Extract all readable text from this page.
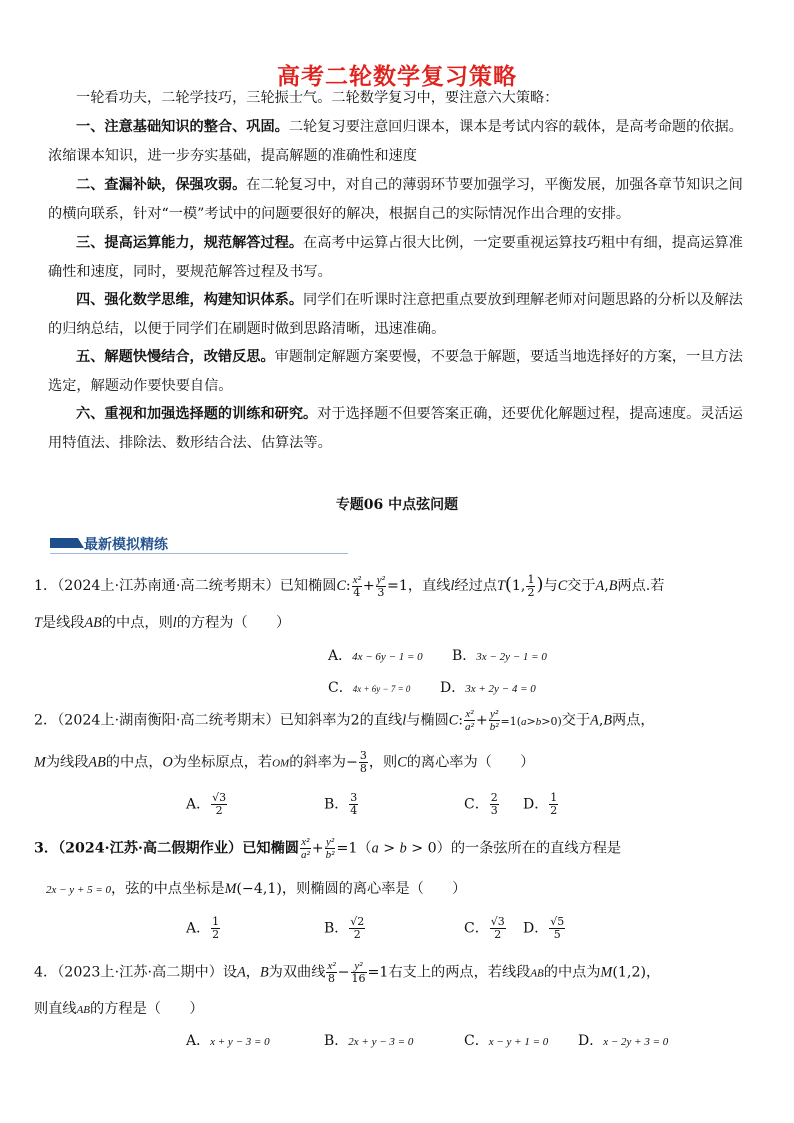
高考二轮数学复习策略
一轮看功夫，二轮学技巧，三轮振士气。二轮数学复习中，要注意六大策略：
一、注意基础知识的整合、巩固。二轮复习要注意回归课本，课本是考试内容的载体，是高考命题的依据。浓缩课本知识，进一步夯实基础，提高解题的准确性和速度
二、查漏补缺，保强攻弱。在二轮复习中，对自己的薄弱环节要加强学习，平衡发展，加强各章节知识之间的横向联系，针对“一模”考试中的问题要很好的解决，根据自己的实际情况作出合理的安排。
三、提高运算能力，规范解答过程。在高考中运算占很大比例，一定要重视运算技巧粗中有细，提高运算准确性和速度，同时，要规范解答过程及书写。
四、强化数学思维，构建知识体系。同学们在听课时注意把重点要放到理解老师对问题思路的分析以及解法的归纳总结，以便于同学们在刷题时做到思路清晰，迅速准确。
五、解题快慢结合，改错反思。审题制定解题方案要慢，不要急于解题，要适当地选择好的方案，一旦方法选定，解题动作要快要自信。
六、重视和加强选择题的训练和研究。对于选择题不但要答案正确，还要优化解题过程，提高速度。灵活运用特值法、排除法、数形结合法、估算法等。
专题06 中点弦问题
最新模拟精练
1．（2024上·江苏南通·高二统考期末）已知椭圆C: $\frac{\text{x²}}{4} + \frac{\text{y²}}{3} =1$，直线l经过点T(1, $\frac{1}{2}$ )与C交于A,B两点.若
T是线段AB的中点，则l的方程为（　　）
A．4x − 6y − 1 = 0 B．3x − 2y − 1 = 0
C．4x + 6y − 7 = 0 D．3x + 2y − 4 = 0
2．（2024上·湖南衡阳·高二统考期末）已知斜率为2的直线l与椭圆C: $\frac{\text{x²}}{\text{a²}} + \frac{\text{y²}}{\text{b²}} =1(a>b>0)$交于A,B两点，
M为线段AB的中点，O为坐标原点，若OM的斜率为− $\frac{3}{8}$ ，则C的离心率为（　　）
A． $\frac{√3}{2}$	B． $\frac{3}{4}$	C． $\frac{2}{3}$ D． $\frac{1}{2}$
3．（2024·江苏·高二假期作业）已知椭圆 $\frac{\text{x²}}{\text{a²}} + \frac{\text{y²}}{\text{b²}} =1(a > b > 0)$的一条弦所在的直线方程是
2x − y + 5 = 0，弦的中点坐标是M(−4,1)，则椭圆的离心率是（　　）
A． $\frac{1}{2}$	B． $\frac{√2}{2}$	C． $\frac{√3}{2}$ D． $\frac{√5}{5}$
4．（2023上·江苏·高二期中）设A，B为双曲线 $\frac{\text{x²}}{8} - \frac{\text{y²}}{16} =1$右支上的两点，若线段AB的中点为M(1,2)，
则直线AB的方程是（　　）
A．x + y − 3 = 0	B．2x + y − 3 = 0	C．x − y + 1 = 0 D．x − 2y + 3 = 0
